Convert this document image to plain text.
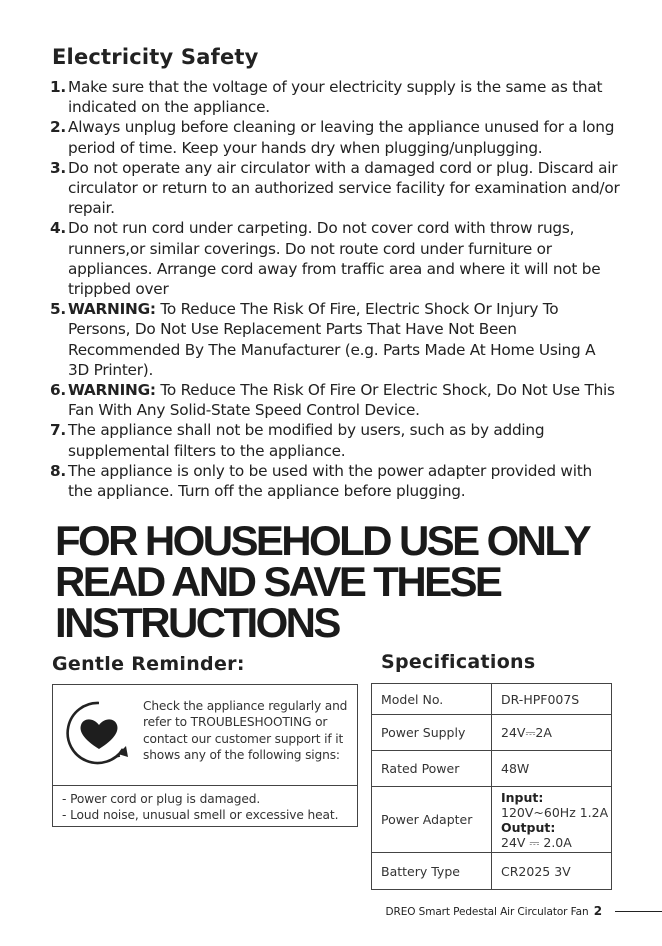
Electricity Safety
1. Make sure that the voltage of your electricity supply is the same as that indicated on the appliance.
2. Always unplug before cleaning or leaving the appliance unused for a long period of time. Keep your hands dry when plugging/unplugging.
3. Do not operate any air circulator with a damaged cord or plug. Discard air circulator or return to an authorized service facility for examination and/or repair.
4. Do not run cord under carpeting. Do not cover cord with throw rugs, runners,or similar coverings. Do not route cord under furniture or appliances. Arrange cord away from traffic area and where it will not be trippbed over
5. WARNING: To Reduce The Risk Of Fire, Electric Shock Or Injury To Persons, Do Not Use Replacement Parts That Have Not Been Recommended By The Manufacturer (e.g. Parts Made At Home Using A 3D Printer).
6. WARNING: To Reduce The Risk Of Fire Or Electric Shock, Do Not Use This Fan With Any Solid-State Speed Control Device.
7. The appliance shall not be modified by users, such as by adding supplemental filters to the appliance.
8. The appliance is only to be used with the power adapter provided with the appliance. Turn off the appliance before plugging.
FOR HOUSEHOLD USE ONLY
READ AND SAVE THESE
INSTRUCTIONS
Gentle Reminder:
Check the appliance regularly and refer to TROUBLESHOOTING or contact our customer support if it shows any of the following signs:
- Power cord or plug is damaged.
- Loud noise, unusual smell or excessive heat.
Specifications
Model No.	DR-HPF007S
Power Supply	24V⎓2A
Rated Power	48W
Power Adapter	Input:
120V~60Hz 1.2A
Output:
24V ⎓ 2.0A

Battery Type	CR2025 3V
DREO Smart Pedestal Air Circulator Fan 2
